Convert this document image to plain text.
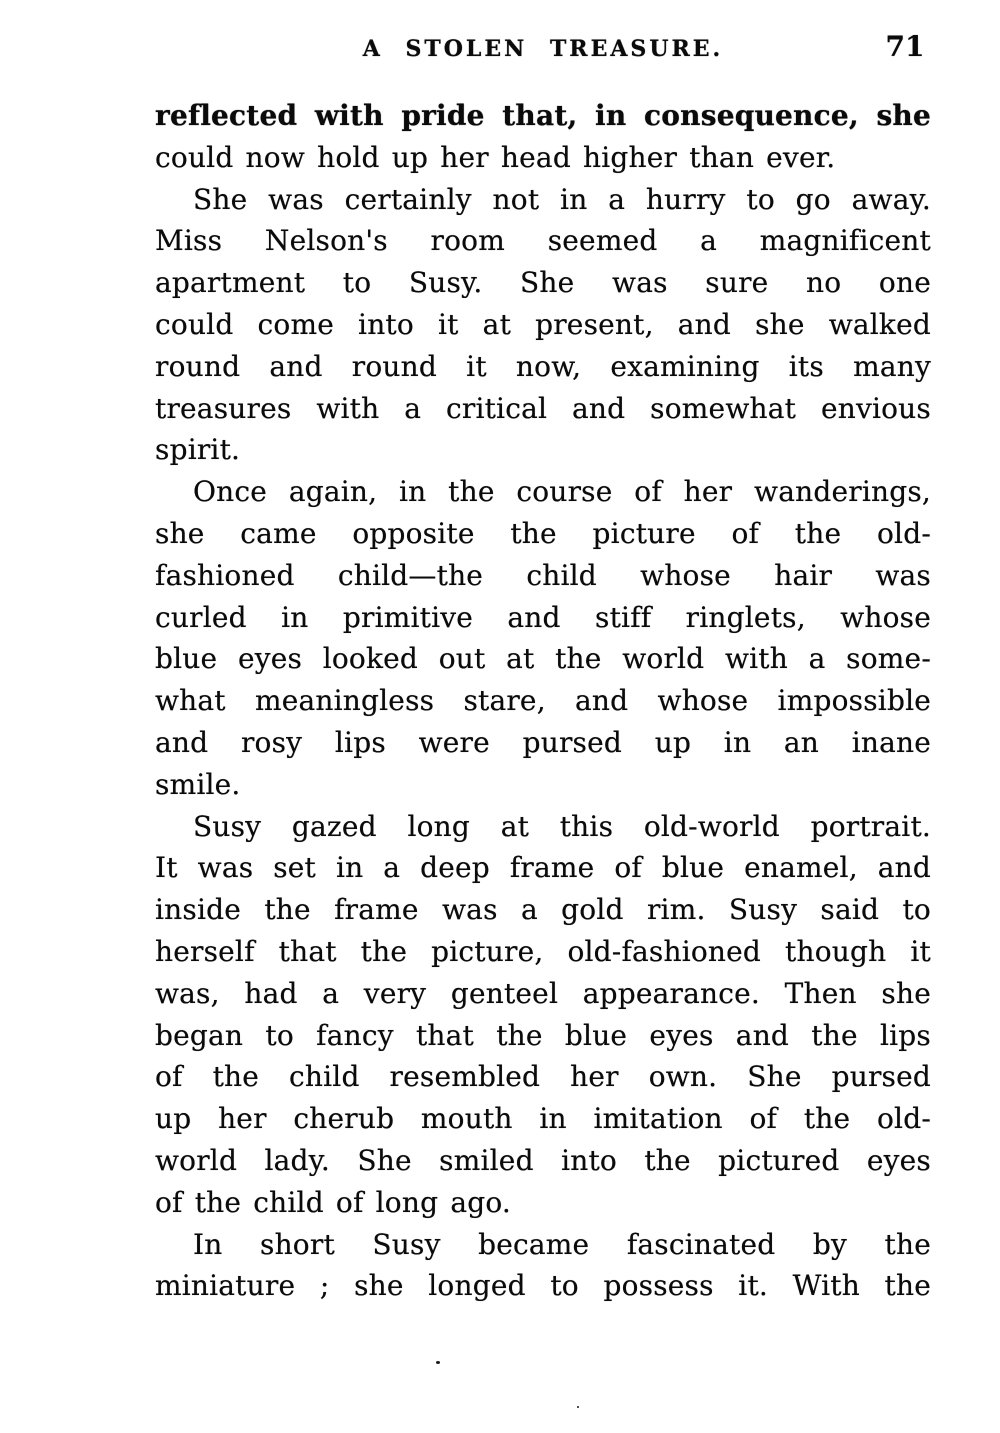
A STOLEN TREASURE.	71
reflected with pride that, in consequence, she
could now hold up her head higher than ever.
She was certainly not in a hurry to go away.
Miss Nelson's room seemed a magnificent
apartment to Susy. She was sure no one
could come into it at present, and she walked
round and round it now, examining its many
treasures with a critical and somewhat envious
spirit.
Once again, in the course of her wanderings,
she came opposite the picture of the old-
fashioned child—the child whose hair was
curled in primitive and stiff ringlets, whose
blue eyes looked out at the world with a some-
what meaningless stare, and whose impossible
and rosy lips were pursed up in an inane
smile.
Susy gazed long at this old-world portrait.
It was set in a deep frame of blue enamel, and
inside the frame was a gold rim. Susy said to
herself that the picture, old-fashioned though it
was, had a very genteel appearance. Then she
began to fancy that the blue eyes and the lips
of the child resembled her own. She pursed
up her cherub mouth in imitation of the old-
world lady. She smiled into the pictured eyes
of the child of long ago.
In short Susy became fascinated by the
miniature ; she longed to possess it. With the
